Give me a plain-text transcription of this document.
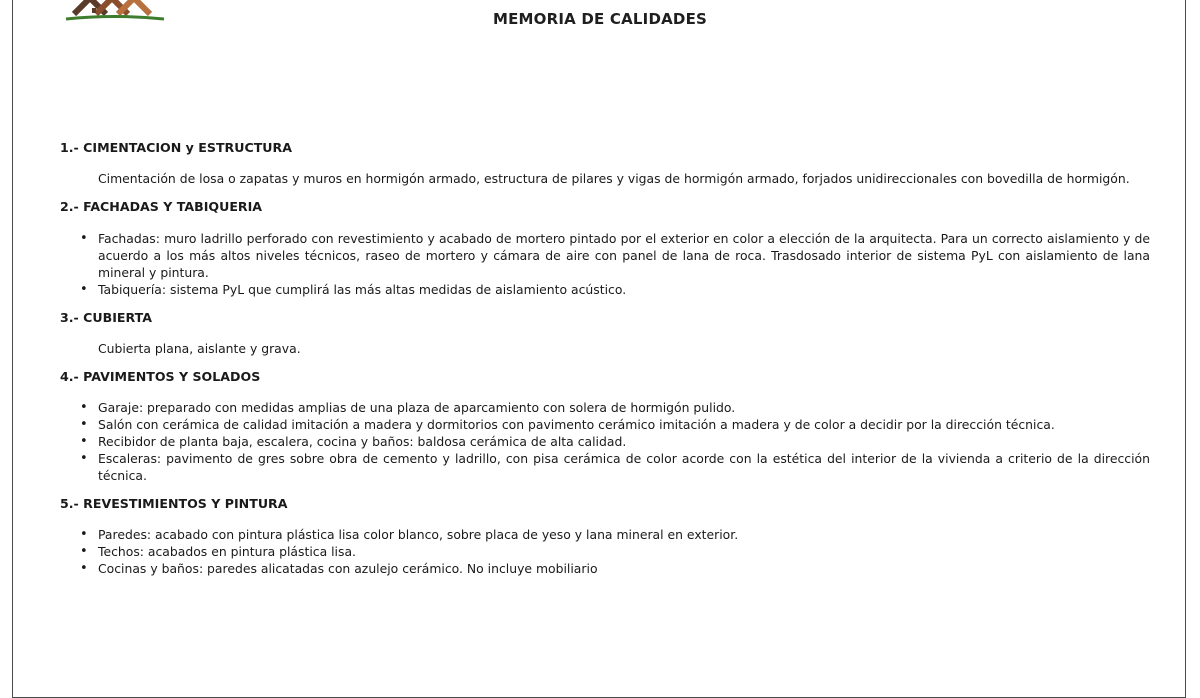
MEMORIA DE CALIDADES
1.- CIMENTACION y ESTRUCTURA

Cimentación de losa o zapatas y muros en hormigón armado, estructura de pilares y vigas de hormigón armado, forjados unidireccionales con bovedilla de hormigón.

2.- FACHADAS Y TABIQUERIA
• Fachadas: muro ladrillo perforado con revestimiento y acabado de mortero pintado por el exterior en color a elección de la arquitecta. Para un correcto aislamiento y de acuerdo a los más altos niveles técnicos, raseo de mortero y cámara de aire con panel de lana de roca. Trasdosado interior de sistema PyL con aislamiento de lana mineral y pintura.
• Tabiquería: sistema PyL que cumplirá las más altas medidas de aislamiento acústico.
3.- CUBIERTA

Cubierta plana, aislante y grava.

4.- PAVIMENTOS Y SOLADOS
• Garaje: preparado con medidas amplias de una plaza de aparcamiento con solera de hormigón pulido.
• Salón con cerámica de calidad imitación a madera y dormitorios con pavimento cerámico imitación a madera y de color a decidir por la dirección técnica.
• Recibidor de planta baja, escalera, cocina y baños: baldosa cerámica de alta calidad.
• Escaleras: pavimento de gres sobre obra de cemento y ladrillo, con pisa cerámica de color acorde con la estética del interior de la vivienda a criterio de la dirección técnica.
5.- REVESTIMIENTOS Y PINTURA
• Paredes: acabado con pintura plástica lisa color blanco, sobre placa de yeso y lana mineral en exterior.
• Techos: acabados en pintura plástica lisa.
• Cocinas y baños: paredes alicatadas con azulejo cerámico. No incluye mobiliario
